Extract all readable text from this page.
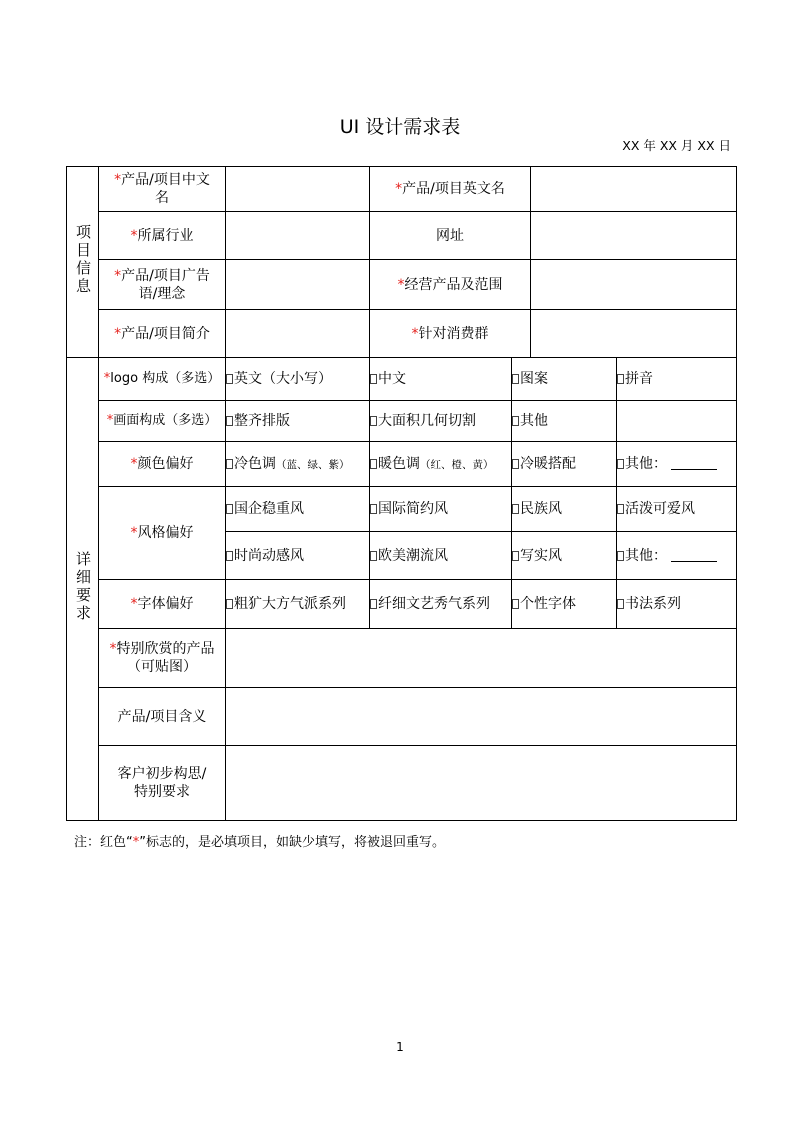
UI 设计需求表
XX 年 XX 月 XX 日
项目信息	*产品/项目中文
名		*产品/项目英文名			

	*所属行业		网址			

	*产品/项目广告
语/理念		*经营产品及范围			

	*产品/项目简介		*针对消费群			

详细要求	*logo 构成（多选）	英文（大小写）	中文	图案		拼音

	*画面构成（多选）	整齐排版	大面积几何切割	其他		

	*颜色偏好	冷色调（蓝、绿、紫）	暖色调（红、橙、黄）	冷暖搭配		其他：

	*风格偏好	国企稳重风	国际简约风	民族风		活泼可爱风
		时尚动感风	欧美潮流风	写实风		其他：

	*字体偏好	粗犷大方气派系列	纤细文艺秀气系列	个性字体		书法系列

	*特别欣赏的产品
（可贴图）					

	产品/项目含义					

	客户初步构思/
特别要求					

注：红色“*”标志的，是必填项目，如缺少填写，将被退回重写。
1
